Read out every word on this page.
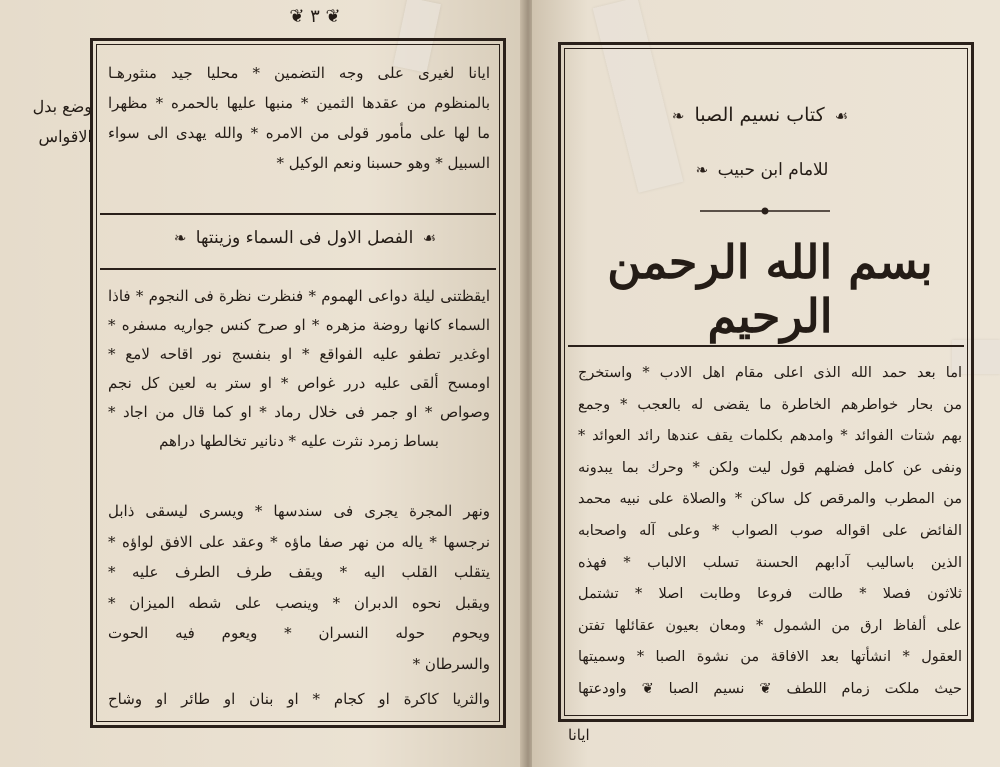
❦ ٣ ❦
وضع بدل
الاقواس
ايانا لغيرى على وجه التضمين * محليا جيد منثورهـا
بالمنظوم من عقدها الثمين * منبها عليها بالحمره * مظهرا
ما لها على مأمور قولى من الامره * والله يهدى الى سواء
السبيل * وهو حسبنا ونعم الوكيل *
☙ الفصل الاول فى السماء وزينتها ❧
ايقظتنى ليلة دواعى الهموم * فنظرت نظرة فى النجوم * فاذا
السماء كانها روضة مزهره * او صرح كنس جواريه مسفره *
اوغدير تطفو عليه الفواقع * او بنفسج نور اقاحه لامع *
اومسح ألقى عليه درر غواص * او ستر به لعين كل نجم
وصواص * او جمر فى خلال رماد * او كما قال من اجاد *
بساط زمرد نثرت عليه * دنانير تخالطها دراهم
ونهر المجرة يجرى فى سندسها * ويسرى ليسقى ذابل
نرجسها * ياله من نهر صفا ماؤه * وعقد على الافق لواؤه *
يتقلب القلب اليه * ويقف طرف الطرف عليه *
ويقبل نحوه الدبران * وينصب على شطه الميزان *
ويحوم حوله النسران * ويعوم فيه الحوت
والسرطان *
والثريا كاكرة او كجام * او بنان او طائر او وشاح
☙ كتاب نسيم الصبا ❧
للامام ابن حبيب ❧
بسم الله الرحمن الرحيم
اما بعد حمد الله الذى اعلى مقام اهل الادب * واستخرج
من بحار خواطرهم الخاطرة ما يقضى له بالعجب * وجمع
بهم شتات الفوائد * وامدهم بكلمات يقف عندها رائد العوائد *
ونفى عن كامل فضلهم قول ليت ولكن * وحرك بما يبدونه
من المطرب والمرقص كل ساكن * والصلاة على نبيه محمد
الفائض على اقواله صوب الصواب * وعلى آله واصحابه
الذين باساليب آدابهم الحسنة تسلب الالباب * فهذه
ثلاثون فصلا * طالت فروعا وطابت اصلا * تشتمل
على ألفاظ ارق من الشمول * ومعان بعيون عقائلها تفتن
العقول * انشأتها بعد الافاقة من نشوة الصبا * وسميتها
حيث ملكت زمام اللطف ❦ نسيم الصبا ❦ واودعتها
ايانا
